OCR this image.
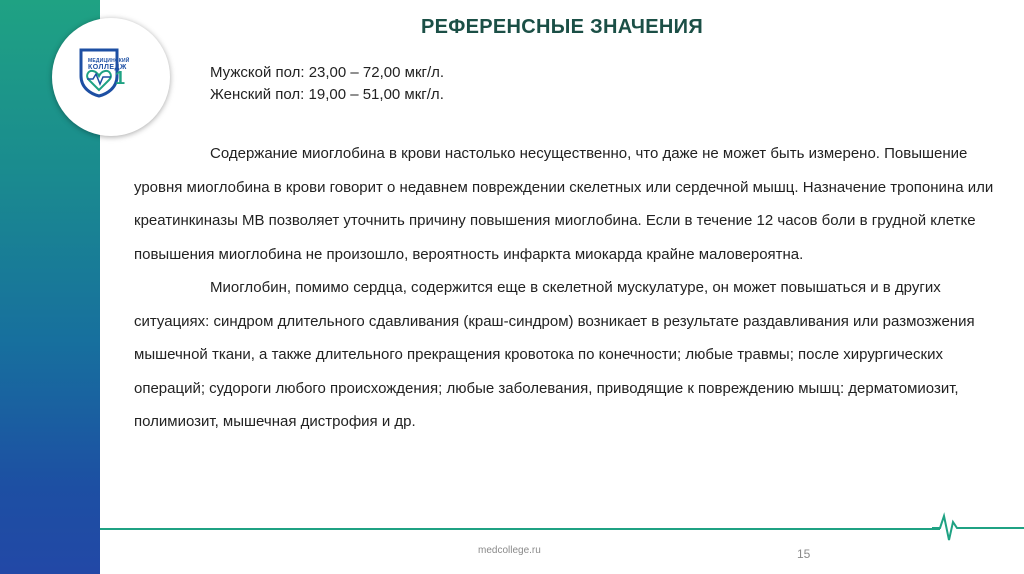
МЕДИЦИНСКИЙ
КОЛЛЕДЖ
1
РЕФЕРЕНСНЫЕ ЗНАЧЕНИЯ
Мужской пол: 23,00 – 72,00 мкг/л.
Женский пол: 19,00 – 51,00 мкг/л.

Содержание миоглобина в крови настолько несущественно, что даже не может быть измерено. Повышение уровня миоглобина в крови говорит о недавнем повреждении скелетных или сердечной мышц. Назначение тропонина или креатинкиназы МВ позволяет уточнить причину повышения миоглобина. Если в течение 12 часов боли в грудной клетке повышения миоглобина не произошло, вероятность инфаркта миокарда крайне маловероятна.

Миоглобин, помимо сердца, содержится еще в скелетной мускулатуре, он может повышаться и в других ситуациях: синдром длительного сдавливания (краш-синдром) возникает в результате раздавливания или размозжения мышечной ткани, а также длительного прекращения кровотока по конечности; любые травмы; после хирургических операций; судороги любого происхождения; любые заболевания, приводящие к повреждению мышц: дерматомиозит, полимиозит, мышечная дистрофия и др.

medcollege.ru	15
